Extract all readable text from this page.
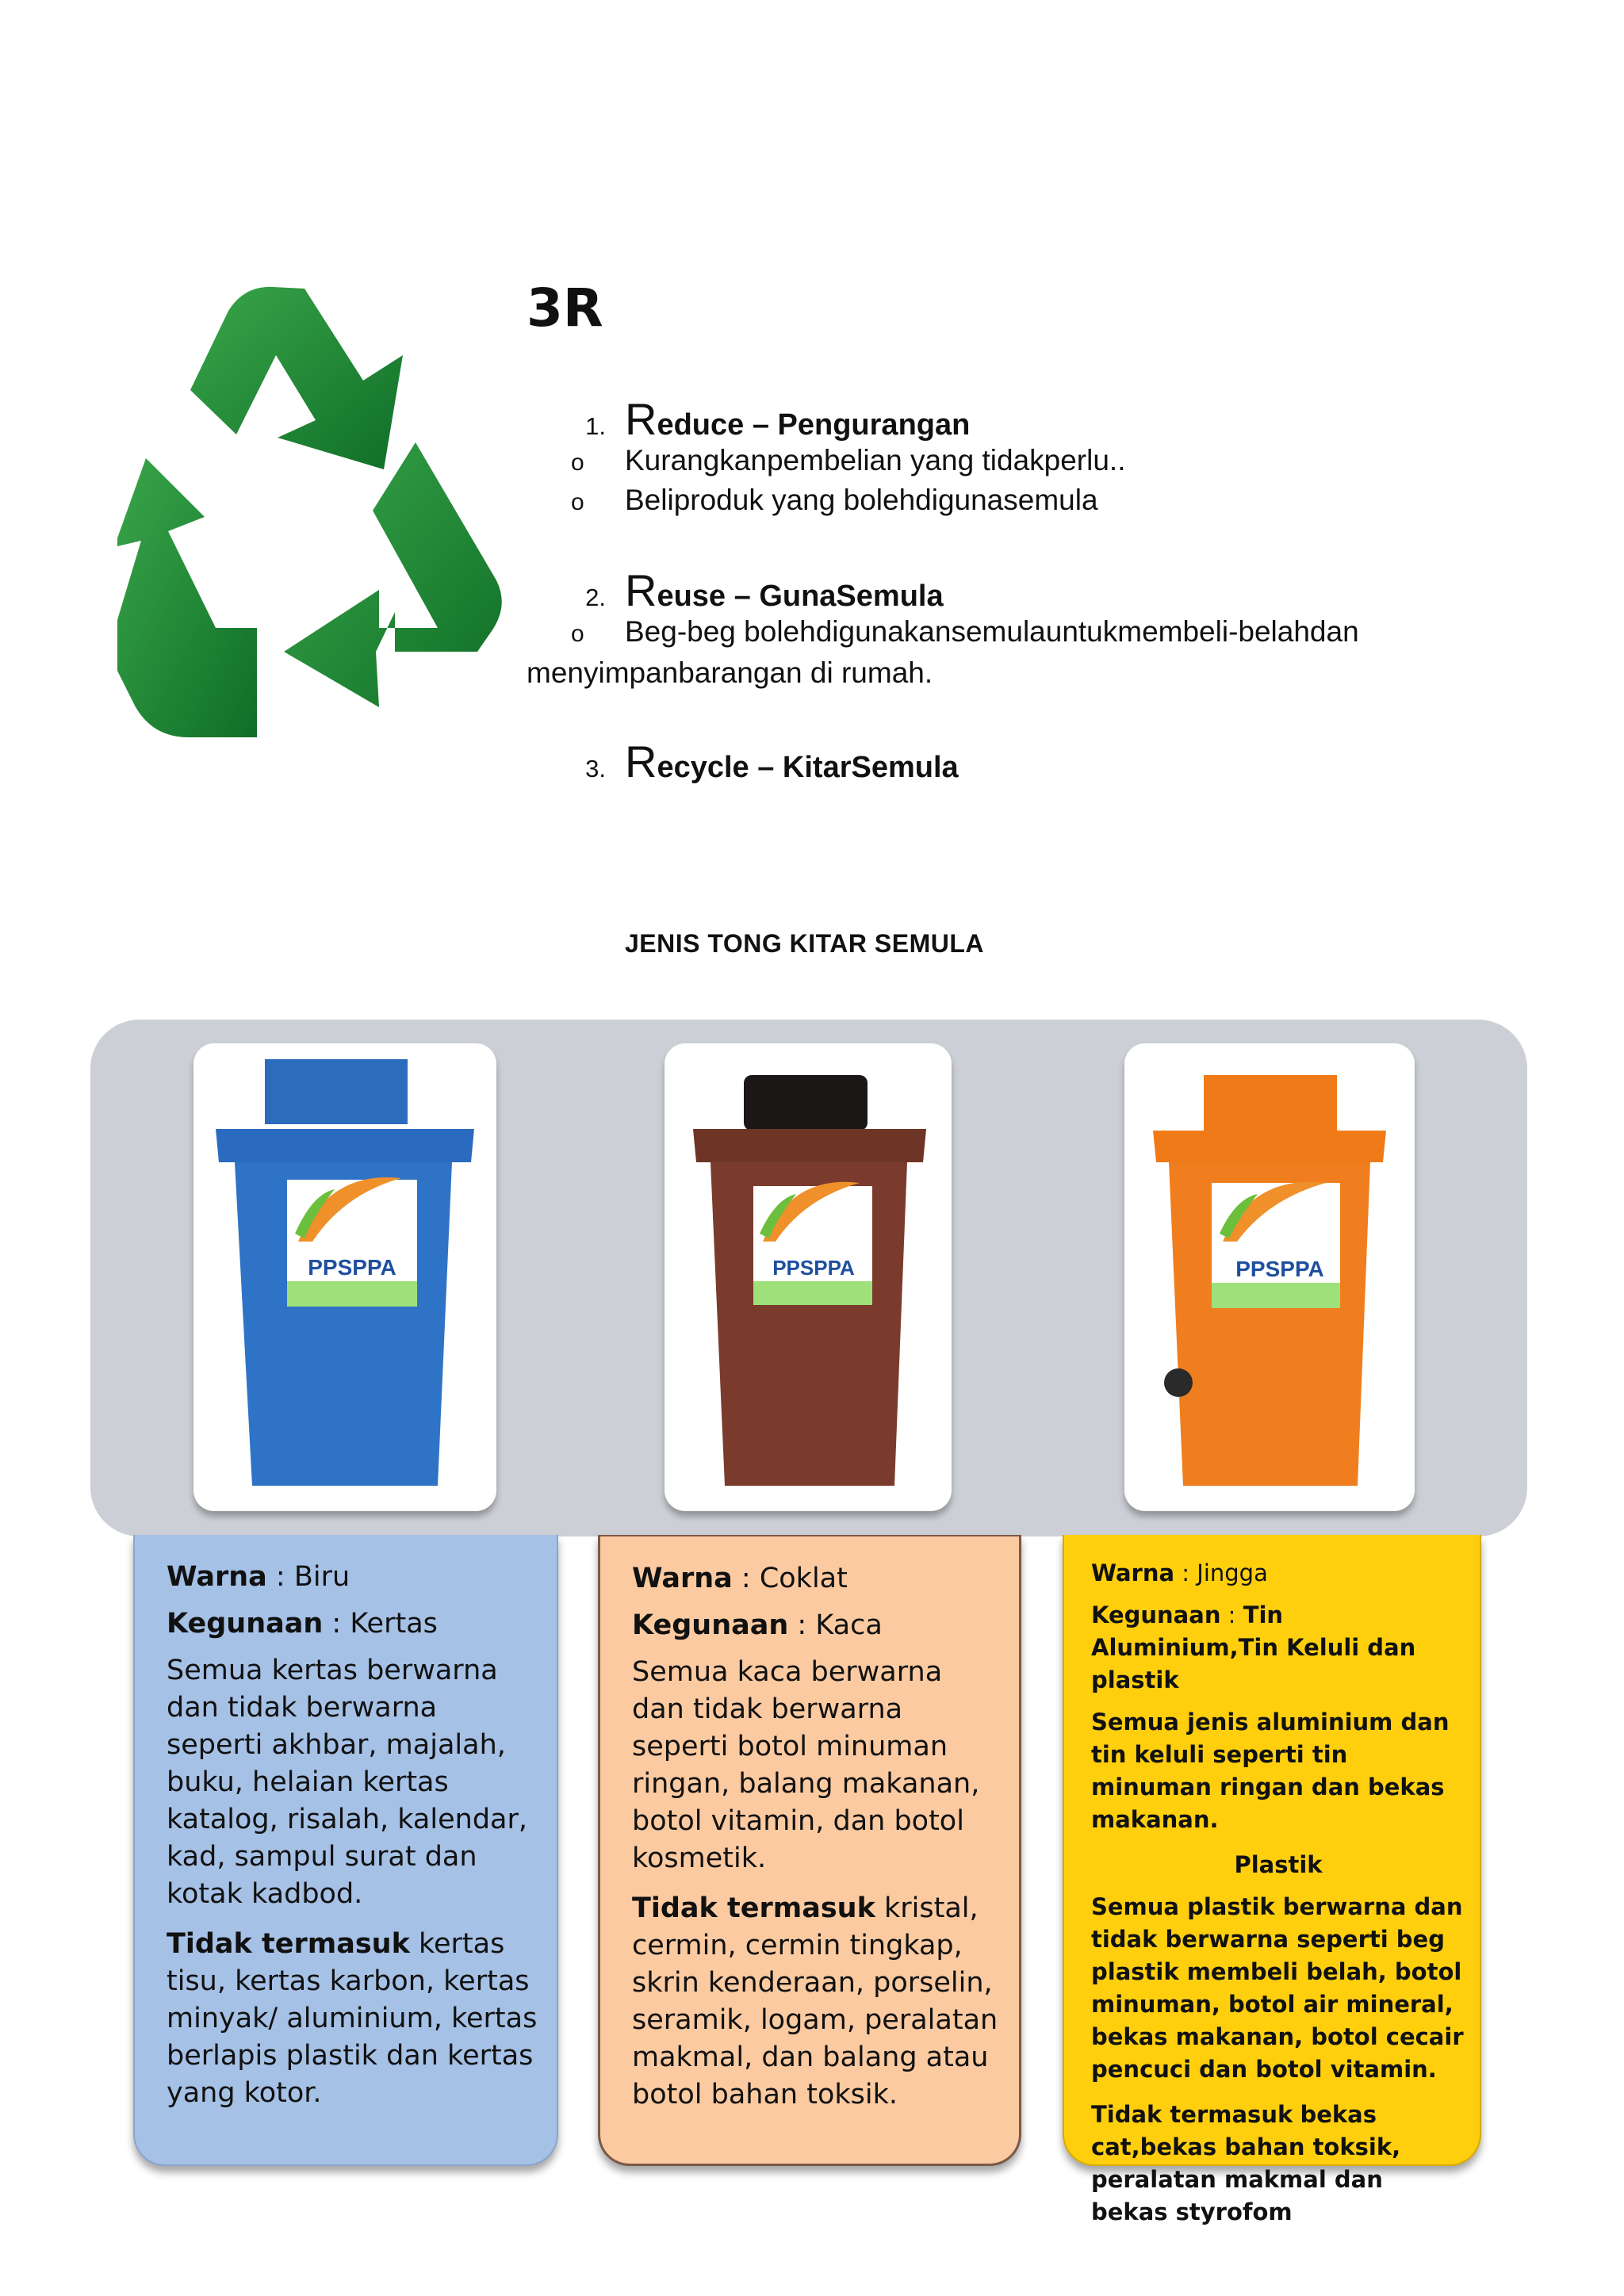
3R
1. Reduce – Pengurangan
o Kurangkanpembelian yang tidakperlu..
o Beliproduk yang bolehdigunasemula
2. Reuse – GunaSemula
o Beg-beg bolehdigunakansemulauntukmembeli-belahdan
menyimpanbarangan di rumah.
3. Recycle – KitarSemula
JENIS TONG KITAR SEMULA
PPSPPA	PPSPPA	PPSPPA

Warna : Biru

Kegunaan : Kertas

Semua kertas berwarna dan tidak berwarna seperti akhbar, majalah, buku, helaian kertas katalog, risalah, kalendar, kad, sampul surat dan kotak kadbod.

Tidak termasuk kertas tisu, kertas karbon, kertas minyak/ aluminium, kertas berlapis plastik dan kertas yang kotor.

Warna : Coklat

Kegunaan : Kaca

Semua kaca berwarna dan tidak berwarna seperti botol minuman ringan, balang makanan, botol vitamin, dan botol kosmetik.

Tidak termasuk kristal, cermin, cermin tingkap, skrin kenderaan, porselin, seramik, logam, peralatan makmal, dan balang atau botol bahan toksik.

Warna : Jingga

Kegunaan : Tin Aluminium,Tin Keluli dan plastik

Semua jenis aluminium dan tin keluli seperti tin minuman ringan dan bekas makanan.

Plastik

Semua plastik berwarna dan tidak berwarna seperti beg plastik membeli belah, botol minuman, botol air mineral, bekas makanan, botol cecair pencuci dan botol vitamin.

Tidak termasuk bekas cat,bekas bahan toksik, peralatan makmal dan bekas styrofom
